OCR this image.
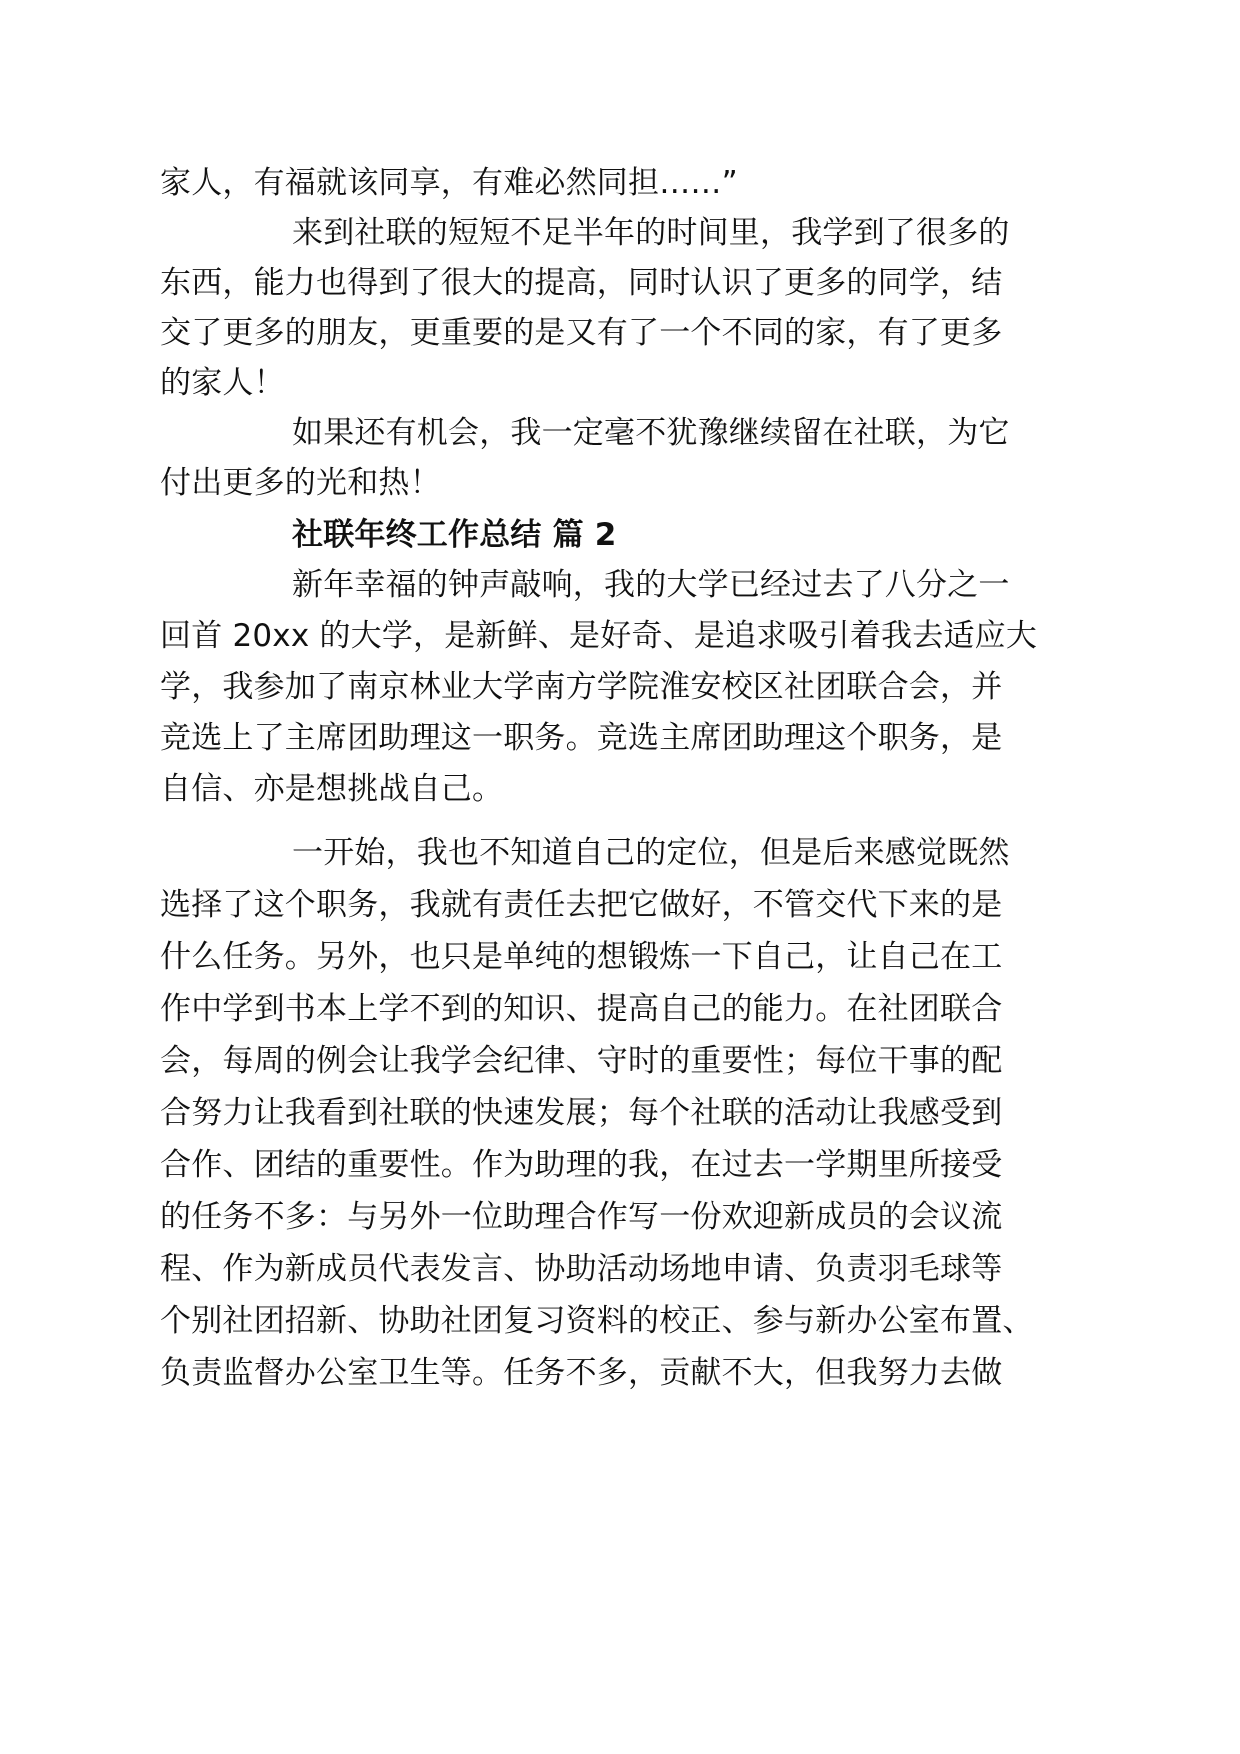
家人，有福就该同享，有难必然同担……”
来到社联的短短不足半年的时间里，我学到了很多的
东西，能力也得到了很大的提高，同时认识了更多的同学，结
交了更多的朋友，更重要的是又有了一个不同的家，有了更多
的家人！
如果还有机会，我一定毫不犹豫继续留在社联，为它
付出更多的光和热！
社联年终工作总结 篇 2
新年幸福的钟声敲响，我的大学已经过去了八分之一
回首 20xx 的大学，是新鲜、是好奇、是追求吸引着我去适应大
学，我参加了南京林业大学南方学院淮安校区社团联合会，并
竞选上了主席团助理这一职务。竞选主席团助理这个职务，是
自信、亦是想挑战自己。
一开始，我也不知道自己的定位，但是后来感觉既然
选择了这个职务，我就有责任去把它做好，不管交代下来的是
什么任务。另外，也只是单纯的想锻炼一下自己，让自己在工
作中学到书本上学不到的知识、提高自己的能力。在社团联合
会，每周的例会让我学会纪律、守时的重要性；每位干事的配
合努力让我看到社联的快速发展；每个社联的活动让我感受到
合作、团结的重要性。作为助理的我，在过去一学期里所接受
的任务不多：与另外一位助理合作写一份欢迎新成员的会议流
程、作为新成员代表发言、协助活动场地申请、负责羽毛球等
个别社团招新、协助社团复习资料的校正、参与新办公室布置、
负责监督办公室卫生等。任务不多，贡献不大，但我努力去做
